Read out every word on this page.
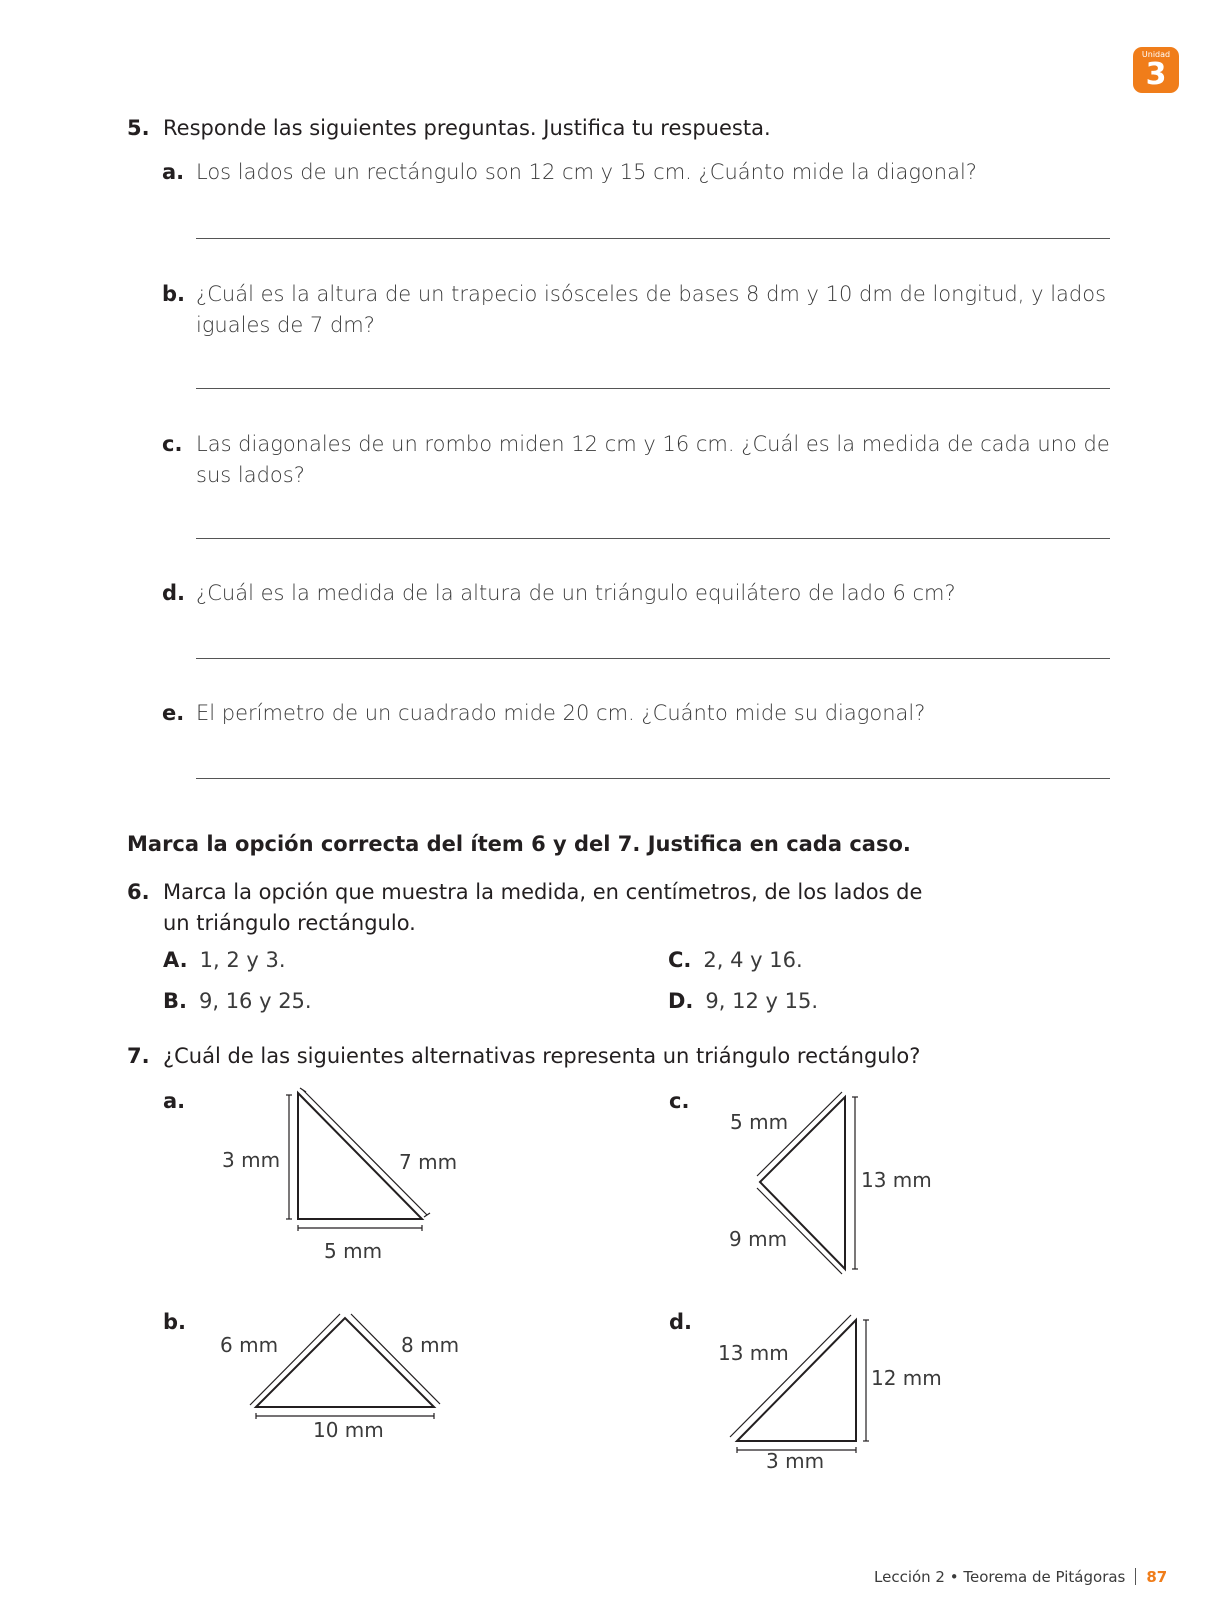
Unidad
3
5. Responde las siguientes preguntas. Justifica tu respuesta.
a. Los lados de un rectángulo son 12 cm y 15 cm. ¿Cuánto mide la diagonal?
b. ¿Cuál es la altura de un trapecio isósceles de bases 8 dm y 10 dm de longitud, y lados
iguales de 7 dm?
c. Las diagonales de un rombo miden 12 cm y 16 cm. ¿Cuál es la medida de cada uno de
sus lados?
d. ¿Cuál es la medida de la altura de un triángulo equilátero de lado 6 cm?
e. El perímetro de un cuadrado mide 20 cm. ¿Cuánto mide su diagonal?
Marca la opción correcta del ítem 6 y del 7. Justifica en cada caso.
6. Marca la opción que muestra la medida, en centímetros, de los lados de
un triángulo rectángulo.
A. 1, 2 y 3.
B. 9, 16 y 25.
C. 2, 4 y 16.
D. 9, 12 y 15.
7. ¿Cuál de las siguientes alternativas representa un triángulo rectángulo?
a.	c.
b.	d.
3 mm	7 mm
5 mm
6 mm	8 mm
10 mm
5 mm
13 mm
9 mm
13 mm
12 mm
3 mm
Lección 2 • Teorema de Pitágoras 87
